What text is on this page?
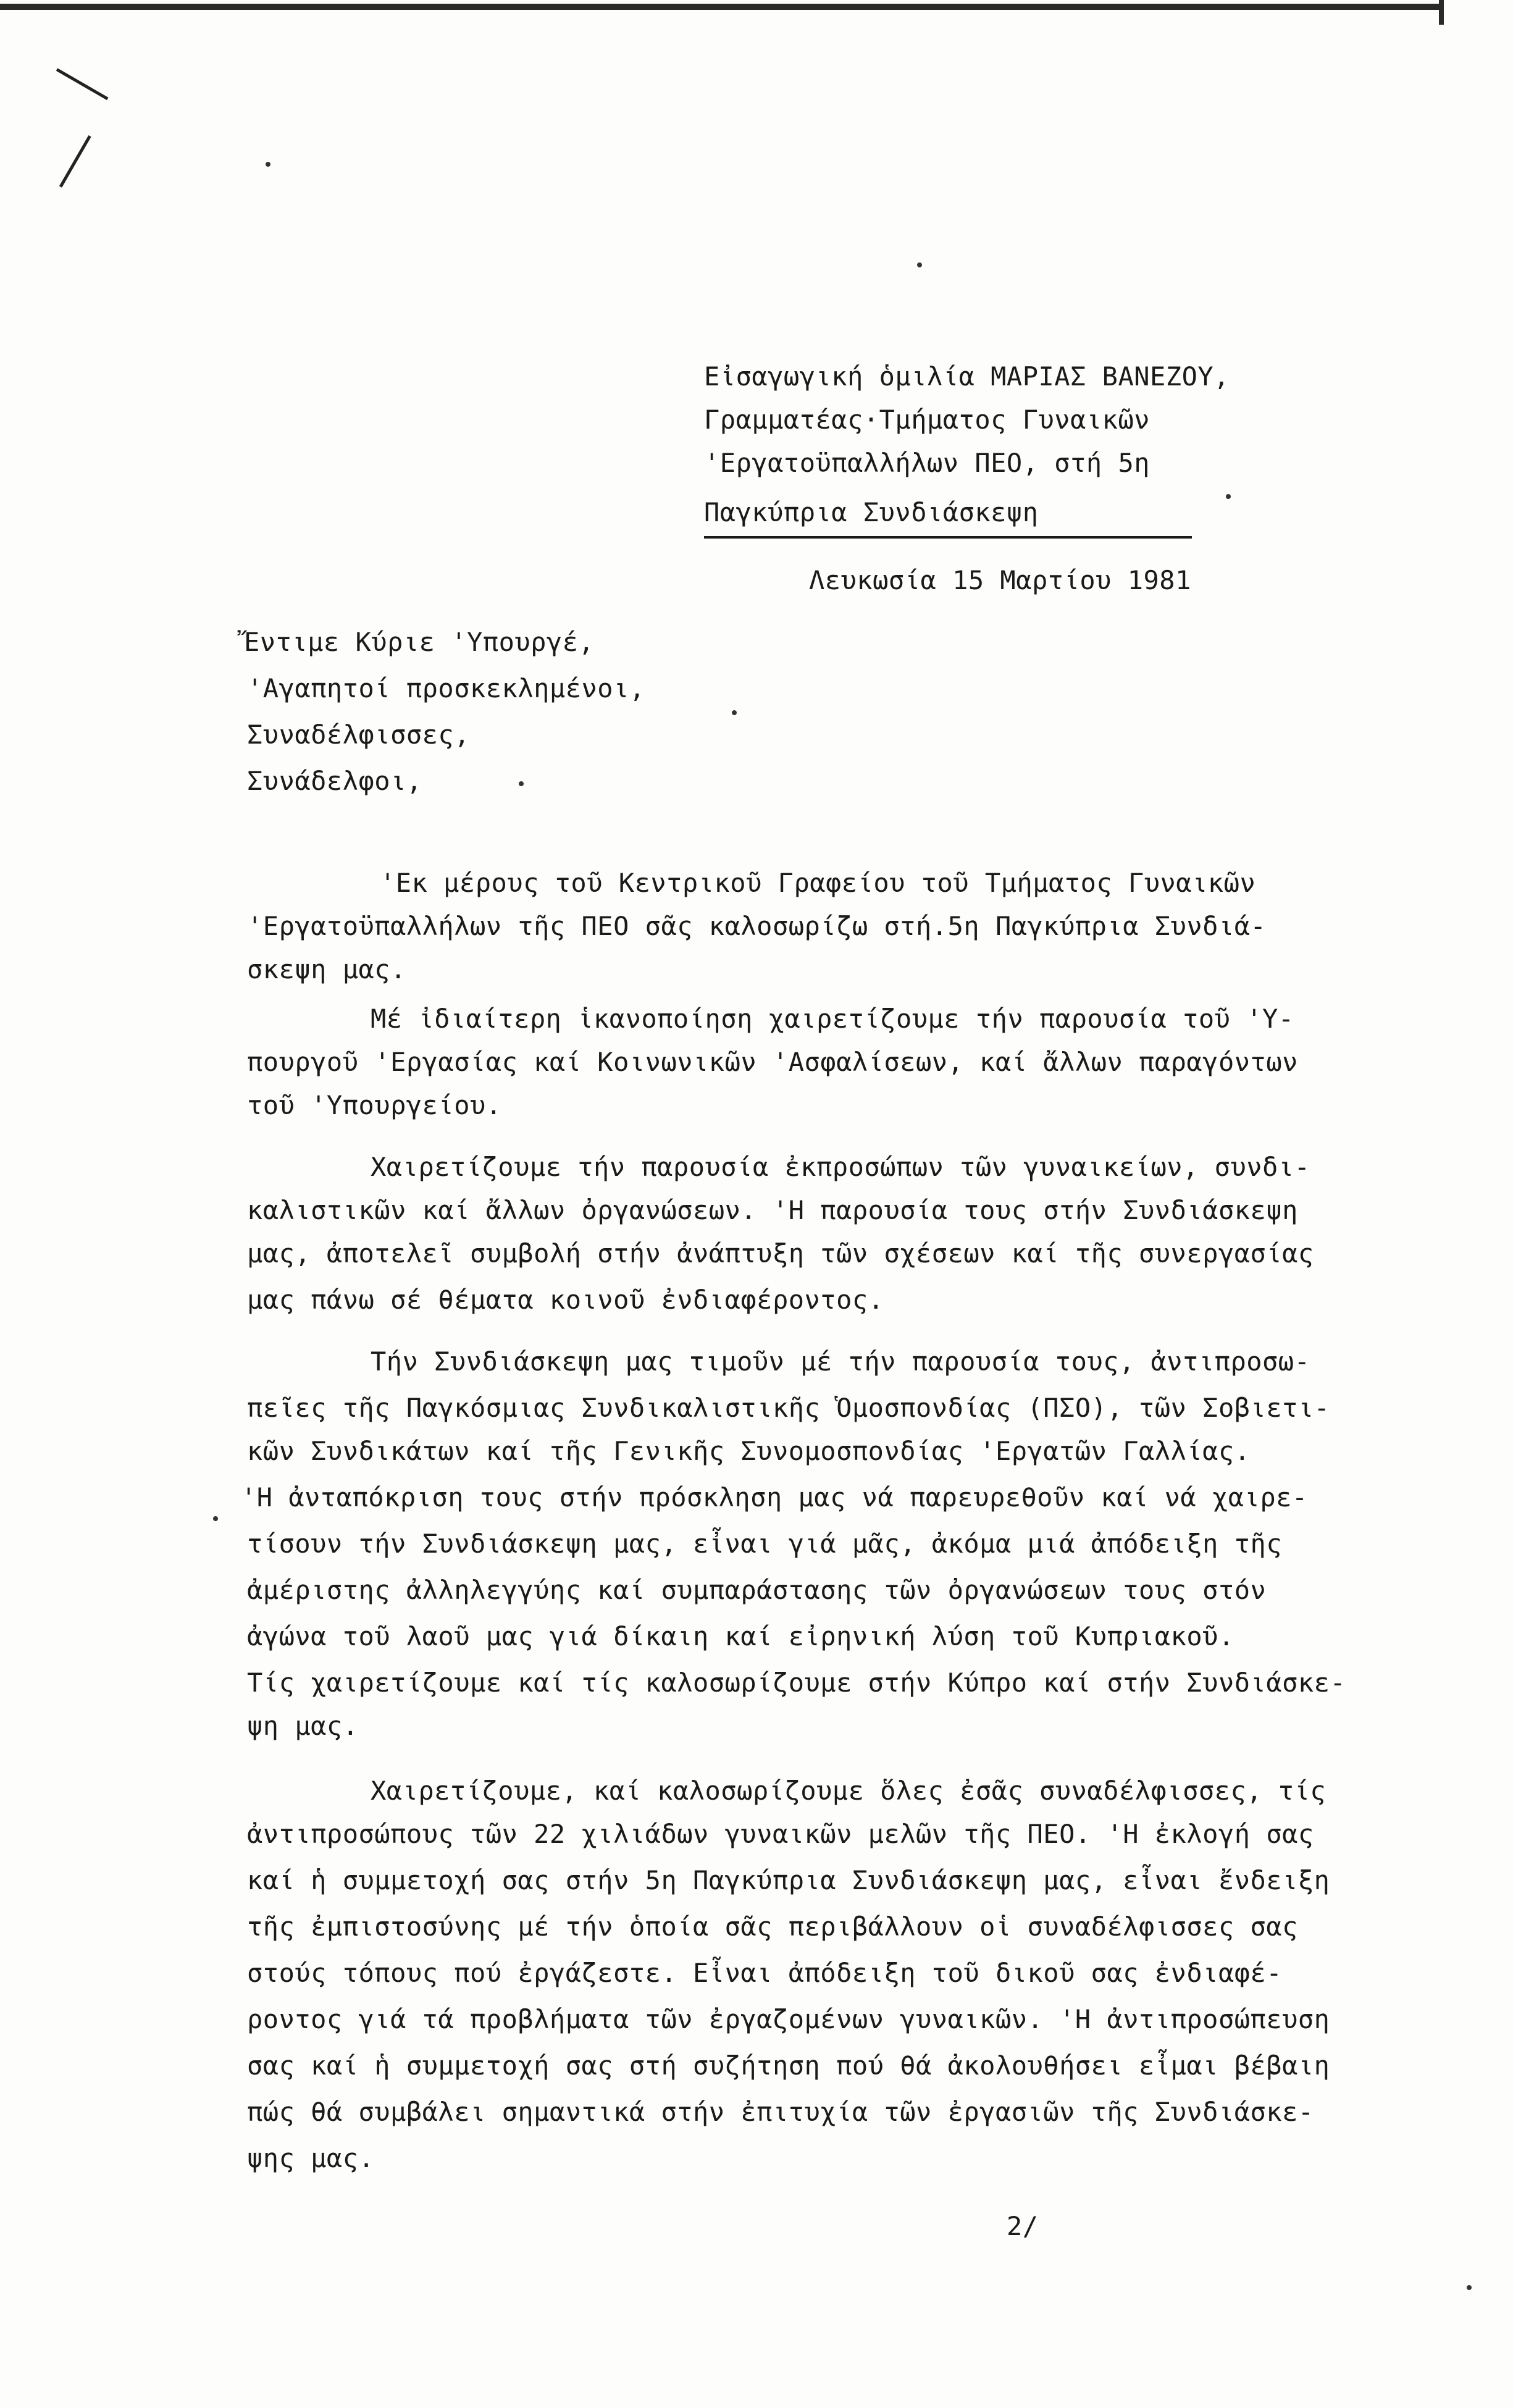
Εἰσαγωγική ὁμιλία ΜΑΡΙΑΣ ΒΑΝΕΖΟΥ,
Γραμματέας·Τμήματος Γυναικῶν
'Εργατοϋπαλλήλων ΠΕΟ, στή 5η
Παγκύπρια Συνδιάσκεψη
Λευκωσία 15 Μαρτίου 1981
Ἔντιμε Κύριε 'Υπουργέ,
'Αγαπητοί προσκεκλημένοι,
Συναδέλφισσες,
Συνάδελφοι,
'Εκ μέρους τοῦ Κεντρικοῦ Γραφείου τοῦ Τμήματος Γυναικῶν
'Εργατοϋπαλλήλων τῆς ΠΕΟ σᾶς καλοσωρίζω στή.5η Παγκύπρια Συνδιά-
σκεψη μας.
Μέ ἰδιαίτερη ἱκανοποίηση χαιρετίζουμε τήν παρουσία τοῦ 'Υ-
πουργοῦ 'Εργασίας καί Κοινωνικῶν 'Ασφαλίσεων, καί ἄλλων παραγόντων
τοῦ 'Υπουργείου.
Χαιρετίζουμε τήν παρουσία ἐκπροσώπων τῶν γυναικείων, συνδι-
καλιστικῶν καί ἄλλων ὀργανώσεων. 'Η παρουσία τους στήν Συνδιάσκεψη
μας, ἀποτελεῖ συμβολή στήν ἀνάπτυξη τῶν σχέσεων καί τῆς συνεργασίας
μας πάνω σέ θέματα κοινοῦ ἐνδιαφέροντος.
Τήν Συνδιάσκεψη μας τιμοῦν μέ τήν παρουσία τους, ἀντιπροσω-
πεῖες τῆς Παγκόσμιας Συνδικαλιστικῆς Ὁμοσπονδίας (ΠΣΟ), τῶν Σοβιετι-
κῶν Συνδικάτων καί τῆς Γενικῆς Συνομοσπονδίας 'Εργατῶν Γαλλίας.
'Η ἀνταπόκριση τους στήν πρόσκληση μας νά παρευρεθοῦν καί νά χαιρε-
τίσουν τήν Συνδιάσκεψη μας, εἶναι γιά μᾶς, ἀκόμα μιά ἀπόδειξη τῆς
ἀμέριστης ἀλληλεγγύης καί συμπαράστασης τῶν ὀργανώσεων τους στόν
ἀγώνα τοῦ λαοῦ μας γιά δίκαιη καί εἰρηνική λύση τοῦ Κυπριακοῦ.
Τίς χαιρετίζουμε καί τίς καλοσωρίζουμε στήν Κύπρο καί στήν Συνδιάσκε-
ψη μας.
Χαιρετίζουμε, καί καλοσωρίζουμε ὅλες ἐσᾶς συναδέλφισσες, τίς
ἀντιπροσώπους τῶν 22 χιλιάδων γυναικῶν μελῶν τῆς ΠΕΟ. 'Η ἐκλογή σας
καί ἡ συμμετοχή σας στήν 5η Παγκύπρια Συνδιάσκεψη μας, εἶναι ἔνδειξη
τῆς ἐμπιστοσύνης μέ τήν ὁποία σᾶς περιβάλλουν οἱ συναδέλφισσες σας
στούς τόπους πού ἐργάζεστε. Εἶναι ἀπόδειξη τοῦ δικοῦ σας ἐνδιαφέ-
ροντος γιά τά προβλήματα τῶν ἐργαζομένων γυναικῶν. 'Η ἀντιπροσώπευση
σας καί ἡ συμμετοχή σας στή συζήτηση πού θά ἀκολουθήσει εἶμαι βέβαιη
πώς θά συμβάλει σημαντικά στήν ἐπιτυχία τῶν ἐργασιῶν τῆς Συνδιάσκε-
ψης μας.
2/
